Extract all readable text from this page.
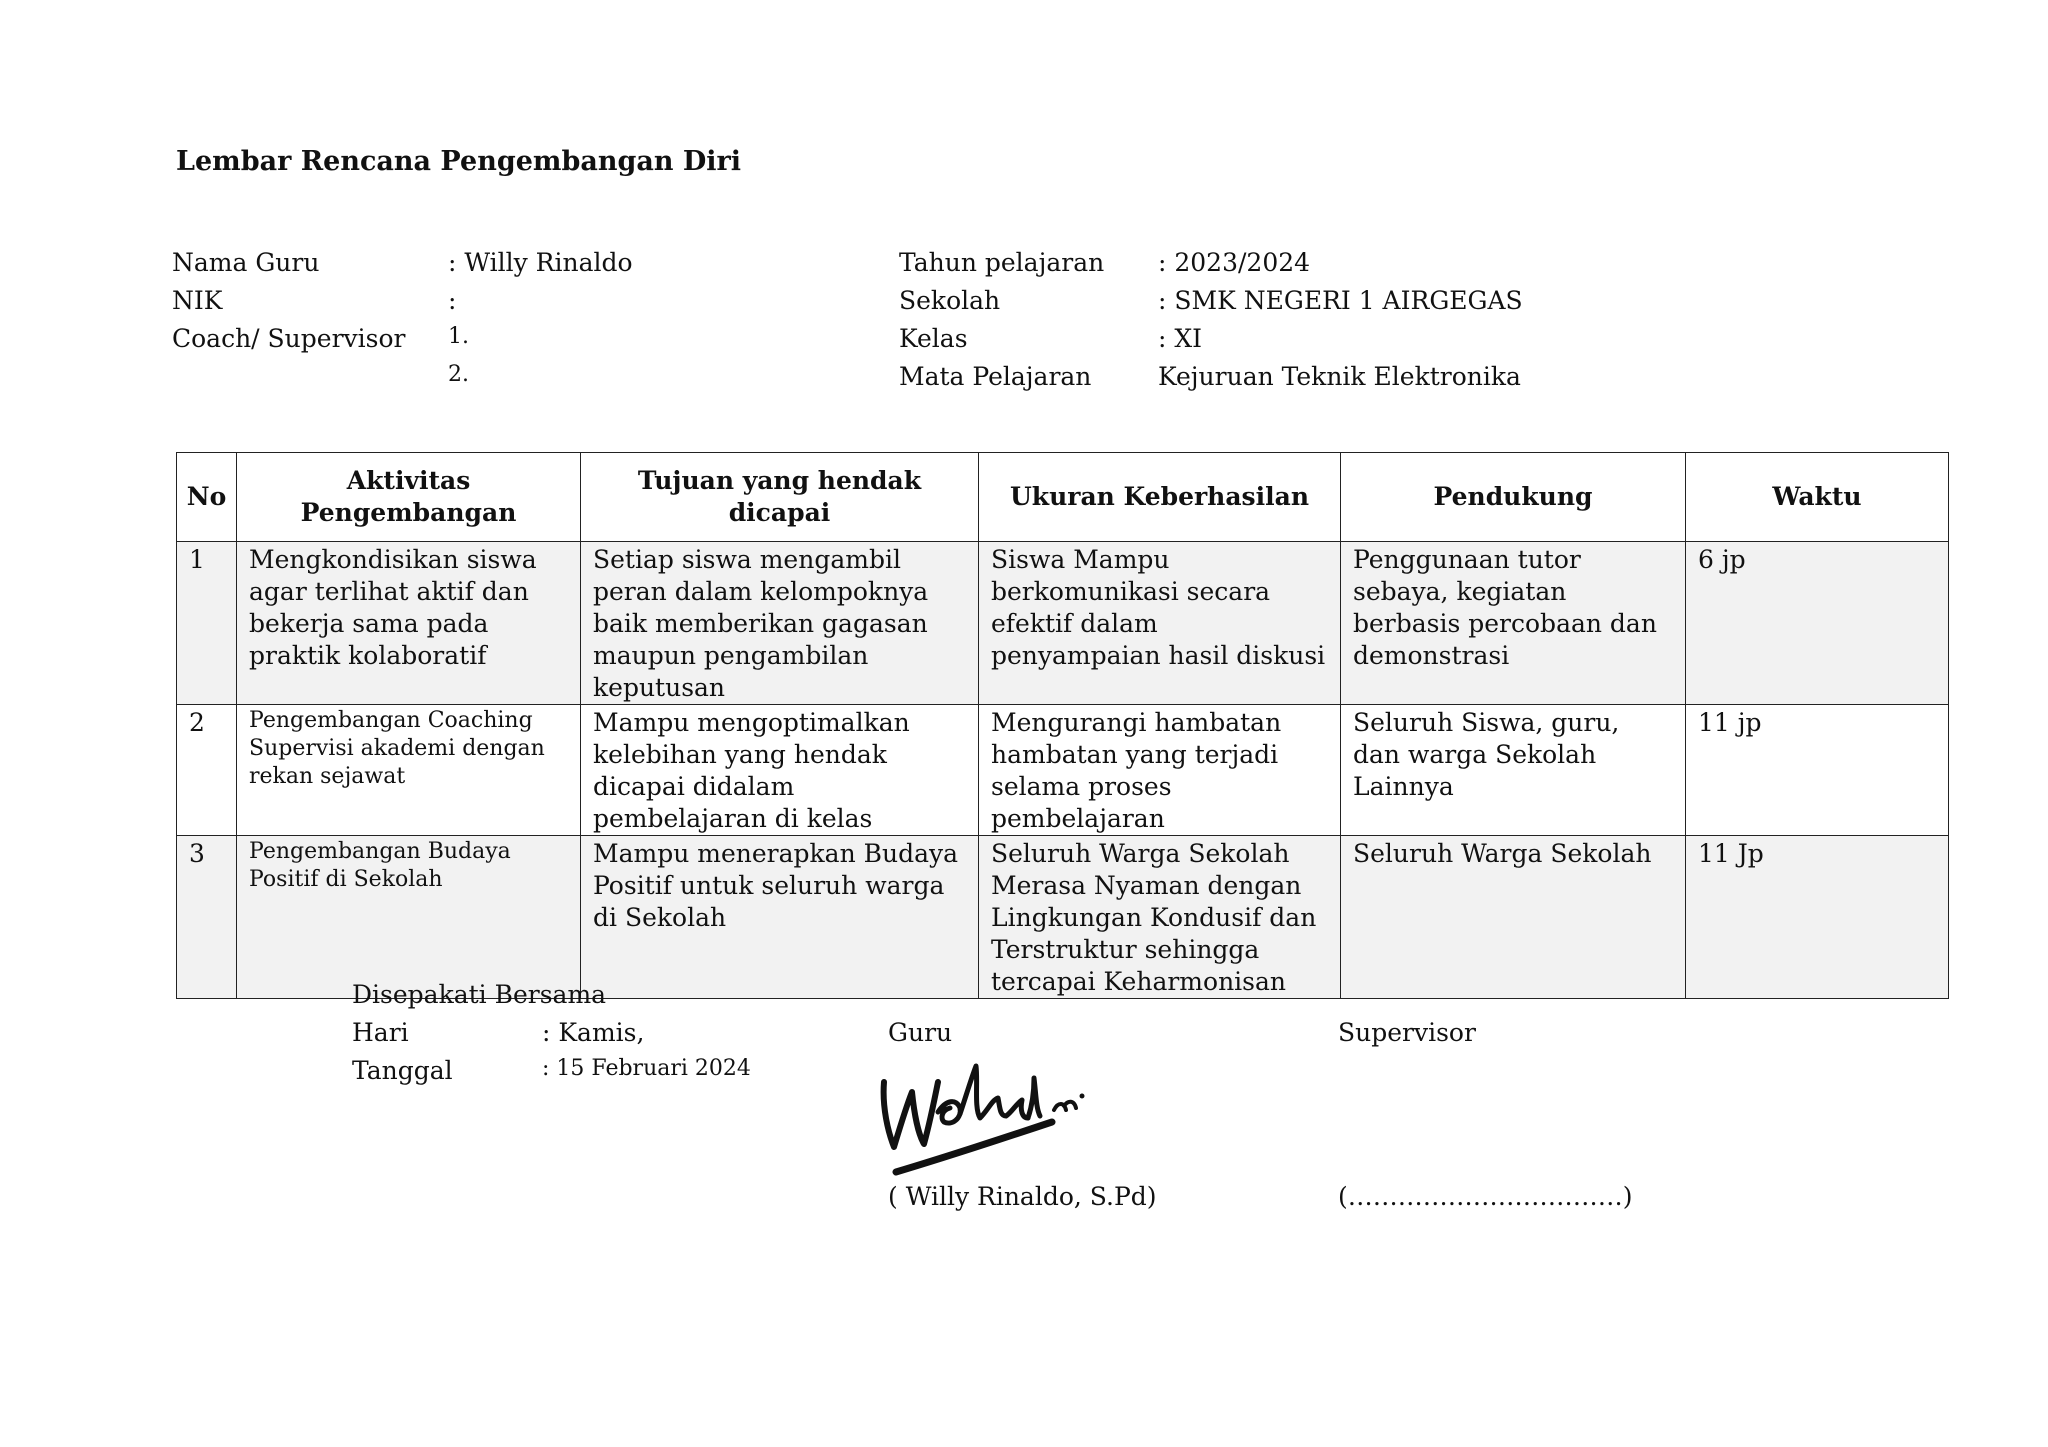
Lembar Rencana Pengembangan Diri
Nama Guru	: Willy Rinaldo
NIK	:
Coach/ Supervisor 1.
2.
Tahun pelajaran : 2023/2024
Sekolah	: SMK NEGERI 1 AIRGEGAS
Kelas	: XI
Mata Pelajaran	Kejuruan Teknik Elektronika
No	Aktivitas Pengembangan	Tujuan yang hendak dicapai	Ukuran Keberhasilan	Pendukung	Waktu
1	Mengkondisikan siswa agar terlihat aktif dan bekerja sama pada praktik kolaboratif	Setiap siswa mengambil peran dalam kelompoknya baik memberikan gagasan maupun pengambilan keputusan	Siswa Mampu berkomunikasi secara efektif dalam penyampaian hasil diskusi	Penggunaan tutor sebaya, kegiatan berbasis percobaan dan demonstrasi	6 jp
2	Pengembangan Coaching Supervisi akademi dengan rekan sejawat	Mampu mengoptimalkan kelebihan yang hendak dicapai didalam pembelajaran di kelas	Mengurangi hambatan hambatan yang terjadi selama proses pembelajaran	Seluruh Siswa, guru, dan warga Sekolah Lainnya	11 jp
3	Pengembangan Budaya Positif di Sekolah	Mampu menerapkan Budaya Positif untuk seluruh warga di Sekolah	Seluruh Warga Sekolah Merasa Nyaman dengan Lingkungan Kondusif dan Terstruktur sehingga tercapai Keharmonisan	Seluruh Warga Sekolah	11 Jp
Disepakati Bersama
Hari	: Kamis,
Tanggal	: 15 Februari 2024
Guru	Supervisor
( Willy Rinaldo, S.Pd)	(……………………………)
